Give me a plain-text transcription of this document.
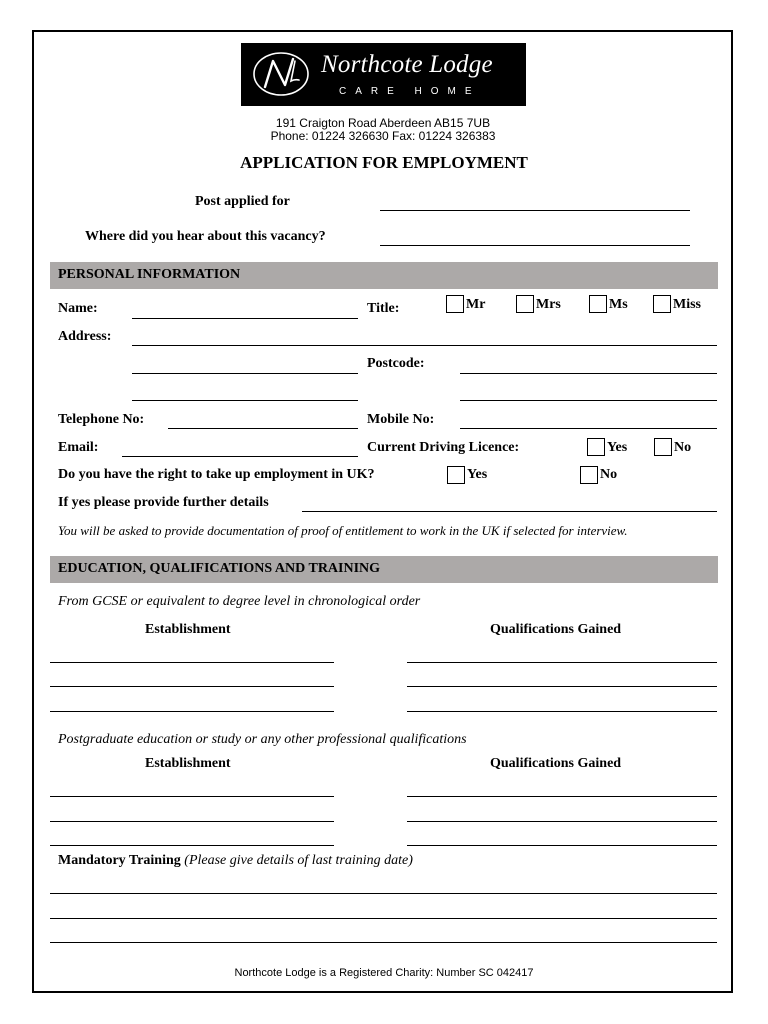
Northcote Lodge
CARE HOME
191 Craigton Road Aberdeen AB15 7UB
Phone: 01224 326630 Fax: 01224 326383
APPLICATION FOR EMPLOYMENT
Post applied for
Where did you hear about this vacancy?
PERSONAL INFORMATION
Name:	Title:	Mr	Mrs	Ms	Miss
Address:
Postcode:
Telephone No:	Mobile No:
Email:	Current Driving Licence:	Yes	No
Do you have the right to take up employment in UK?	Yes	No
If yes please provide further details
You will be asked to provide documentation of proof of entitlement to work in the UK if selected for interview.
EDUCATION, QUALIFICATIONS AND TRAINING
From GCSE or equivalent to degree level in chronological order
Establishment	Qualifications Gained
Postgraduate education or study or any other professional qualifications
Establishment	Qualifications Gained
Mandatory Training (Please give details of last training date)
Northcote Lodge is a Registered Charity: Number SC 042417
